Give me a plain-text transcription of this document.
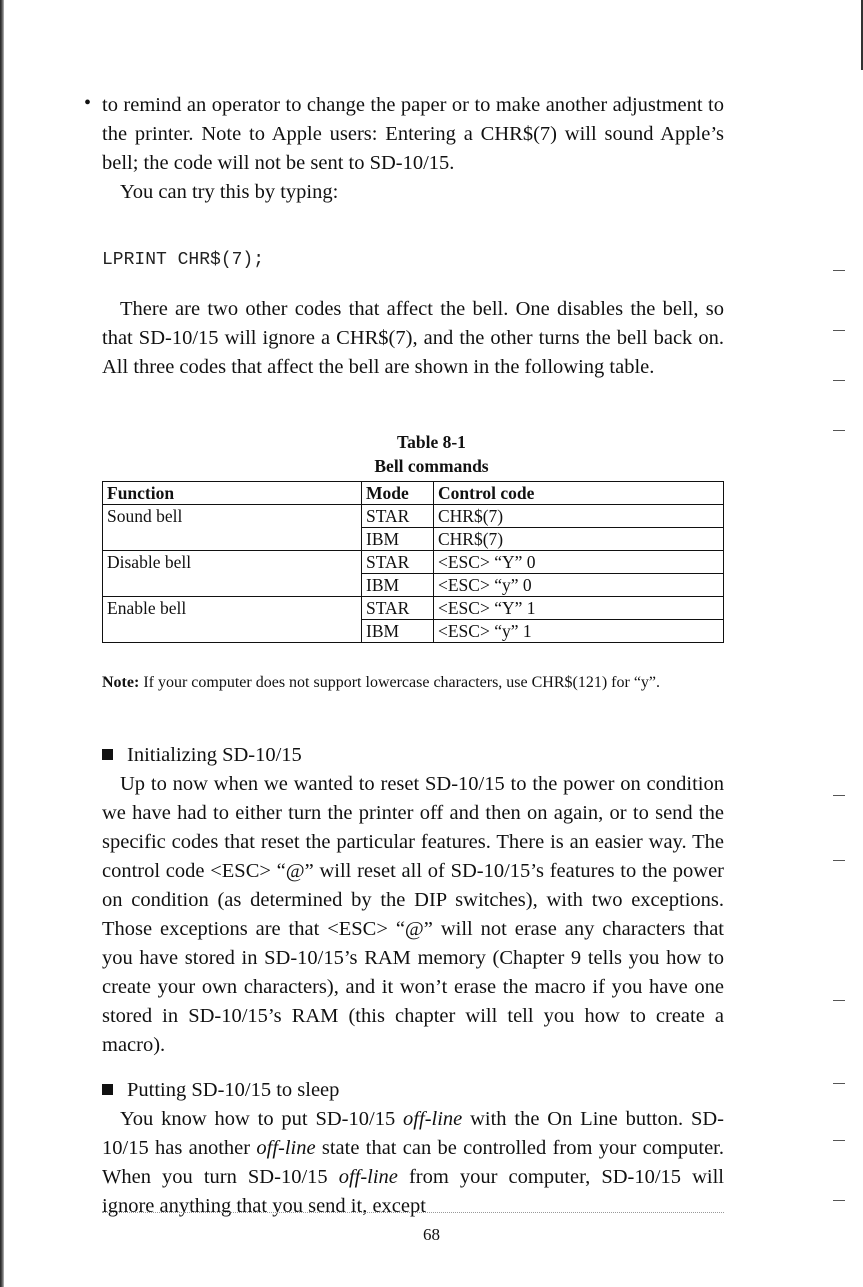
• to remind an operator to change the paper or to make another adjustment to the printer. Note to Apple users: Entering a CHR$(7) will sound Apple’s bell; the code will not be sent to SD-10/15.
You can try this by typing:
LPRINT CHR$(7);
There are two other codes that affect the bell. One disables the bell, so that SD-10/15 will ignore a CHR$(7), and the other turns the bell back on. All three codes that affect the bell are shown in the following table.
Table 8-1
Bell commands
Function	Mode	Control code
Sound bell	STAR	CHR$(7)
	IBM	CHR$(7)
Disable bell	STAR	<ESC> “Y” 0
	IBM	<ESC> “y” 0
Enable bell	STAR	<ESC> “Y” 1
	IBM	<ESC> “y” 1
Note: If your computer does not support lowercase characters, use CHR$(121) for “y”.
Initializing SD-10/15
Up to now when we wanted to reset SD-10/15 to the power on condition we have had to either turn the printer off and then on again, or to send the specific codes that reset the particular features. There is an easier way. The control code <ESC> “@” will reset all of SD-10/15’s features to the power on condition (as determined by the DIP switches), with two exceptions. Those exceptions are that <ESC> “@” will not erase any characters that you have stored in SD-10/15’s RAM memory (Chapter 9 tells you how to create your own characters), and it won’t erase the macro if you have one stored in SD-10/15’s RAM (this chapter will tell you how to create a macro).
Putting SD-10/15 to sleep
You know how to put SD-10/15 off-line with the On Line button. SD-10/15 has another off-line state that can be controlled from your computer. When you turn SD-10/15 off-line from your computer, SD-10/15 will ignore anything that you send it, except
68
